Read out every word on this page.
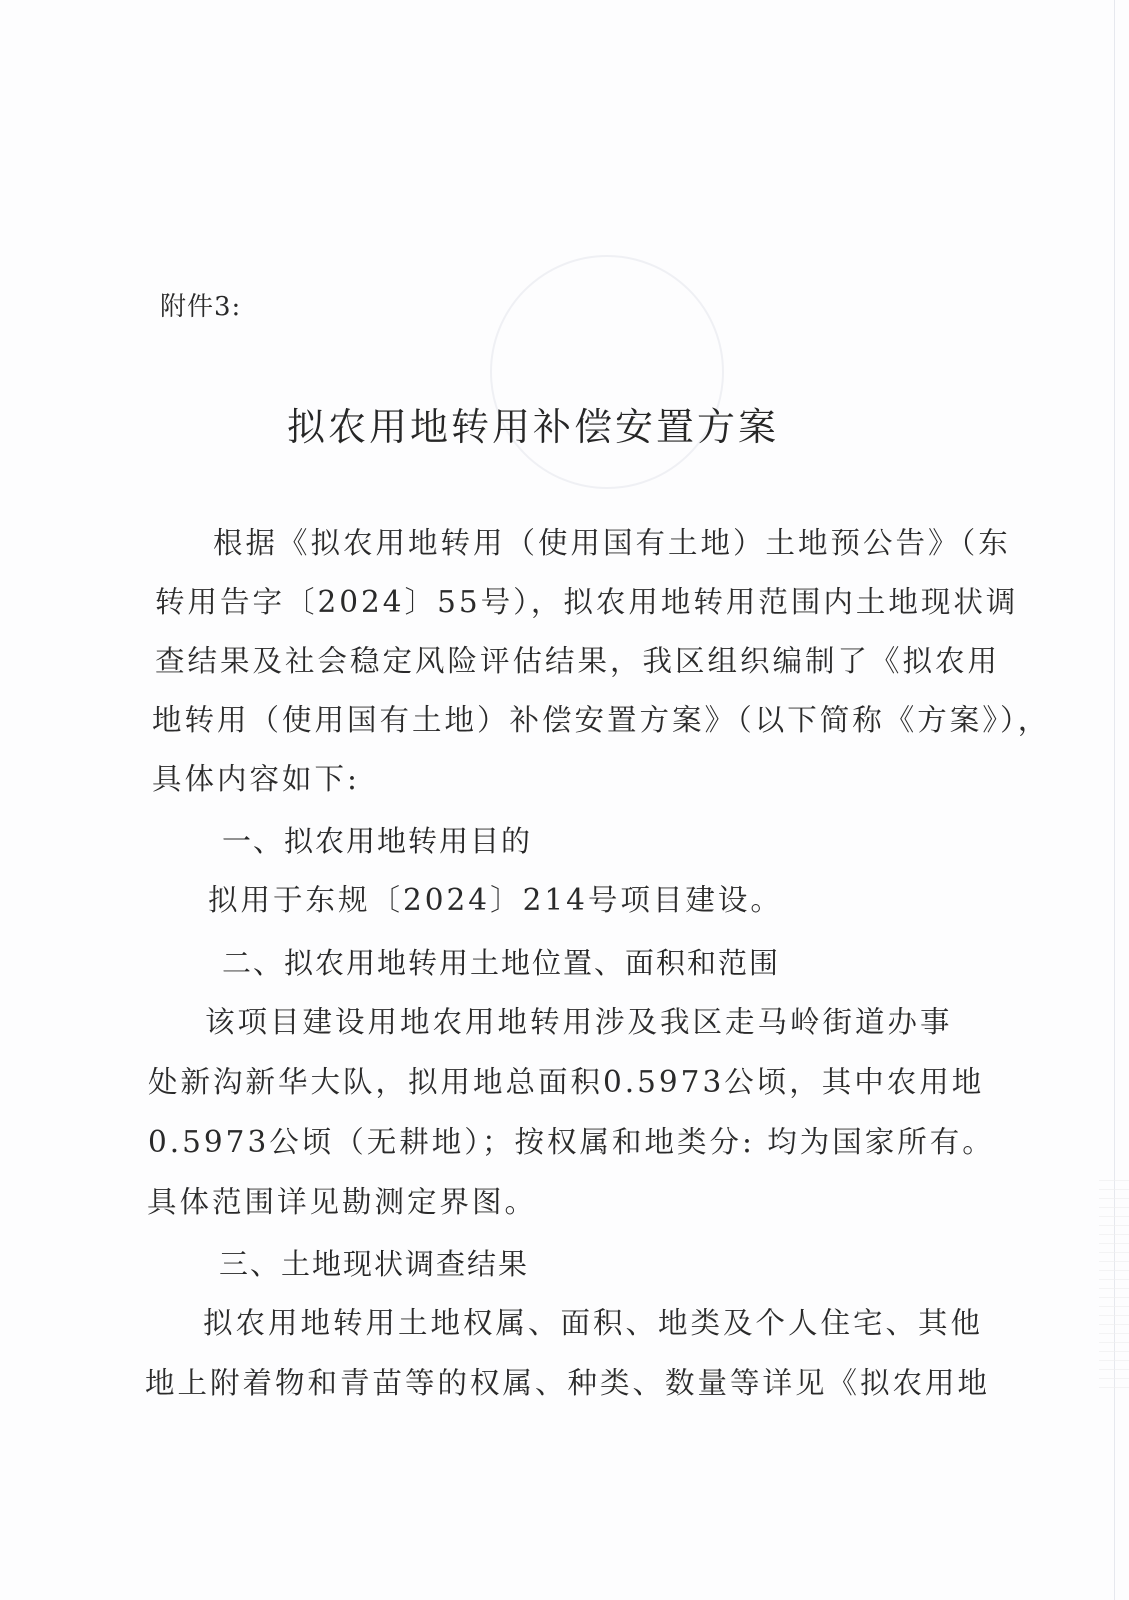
附件3:
拟农用地转用补偿安置方案
根据《拟农用地转用（使用国有土地）土地预公告》（东
转用告字〔2024〕55号），拟农用地转用范围内土地现状调
查结果及社会稳定风险评估结果，我区组织编制了《拟农用
地转用（使用国有土地）补偿安置方案》（以下简称《方案》），
具体内容如下:
一、拟农用地转用目的
拟用于东规〔2024〕214号项目建设。
二、拟农用地转用土地位置、面积和范围
该项目建设用地农用地转用涉及我区走马岭街道办事
处新沟新华大队，拟用地总面积0.5973公顷，其中农用地
0.5973公顷（无耕地）；按权属和地类分: 均为国家所有。
具体范围详见勘测定界图。
三、土地现状调查结果
拟农用地转用土地权属、面积、地类及个人住宅、其他
地上附着物和青苗等的权属、种类、数量等详见《拟农用地
